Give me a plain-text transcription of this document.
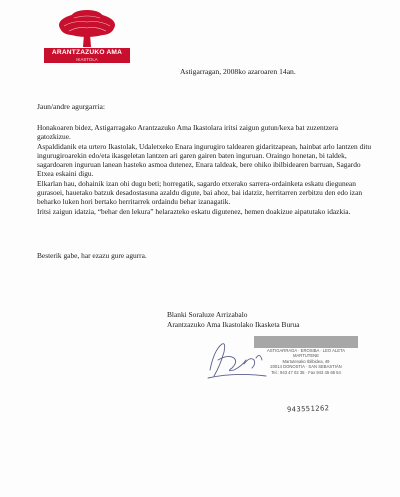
ARANTZAZUKO AMA
IKASTOLA
Astigarragan, 2008ko azaroaren 14an.
Jaun/andre agurgarria:

Honakoaren bidez, Astigarragako Arantzazuko Ama Ikastolara iritsi zaigun gutun/kexa bat zuzentzera gatozkizue.

Aspaldidanik eta urtero Ikastolak, Udaletxeko Enara ingurugiro taldearen gidaritzapean, hainbat arlo lantzen ditu ingurugiroarekin edo/eta ikasgeletan lantzen ari garen gairen baten inguruan. Oraingo honetan, bi taldek, sagardoaren inguruan lanean hasteko asmoa dutenez, Enara taldeak, bere ohiko ibilbidearen barruan, Sagardo Etxea eskaini digu.

Elkarlan hau, dohainik izan ohi dugu beti; horregatik, sagardo etxerako sarrera-ordainketa eskatu diegunean gurasoei, hauetako batzuk desadostasuna azaldu digute, bai ahoz, bai idatziz, herritarren zerbitzu den edo izan beharko luken hori bertako herritarrek ordaindu behar izanagatik.

Iritsi zaigun idatzia, “behar den lekura” helarazteko eskatu digutenez, hemen doakizue aipatutako idazkia.

Besterik gabe, har ezazu gure agurra.
Blanki Soraluze Arrizabalo
Arantzazuko Ama Ikastolako Ikasketa Burua
ASTIGARRAGA · EROSIBA · LEO ALETA MARTUTENE
Martutenako Ibilbidea, 49
20014 DONOSTIA · SAN SEBASTIÁN
Tel.: 943 47 02 35 · Fax 943 45 68 54
943551262
